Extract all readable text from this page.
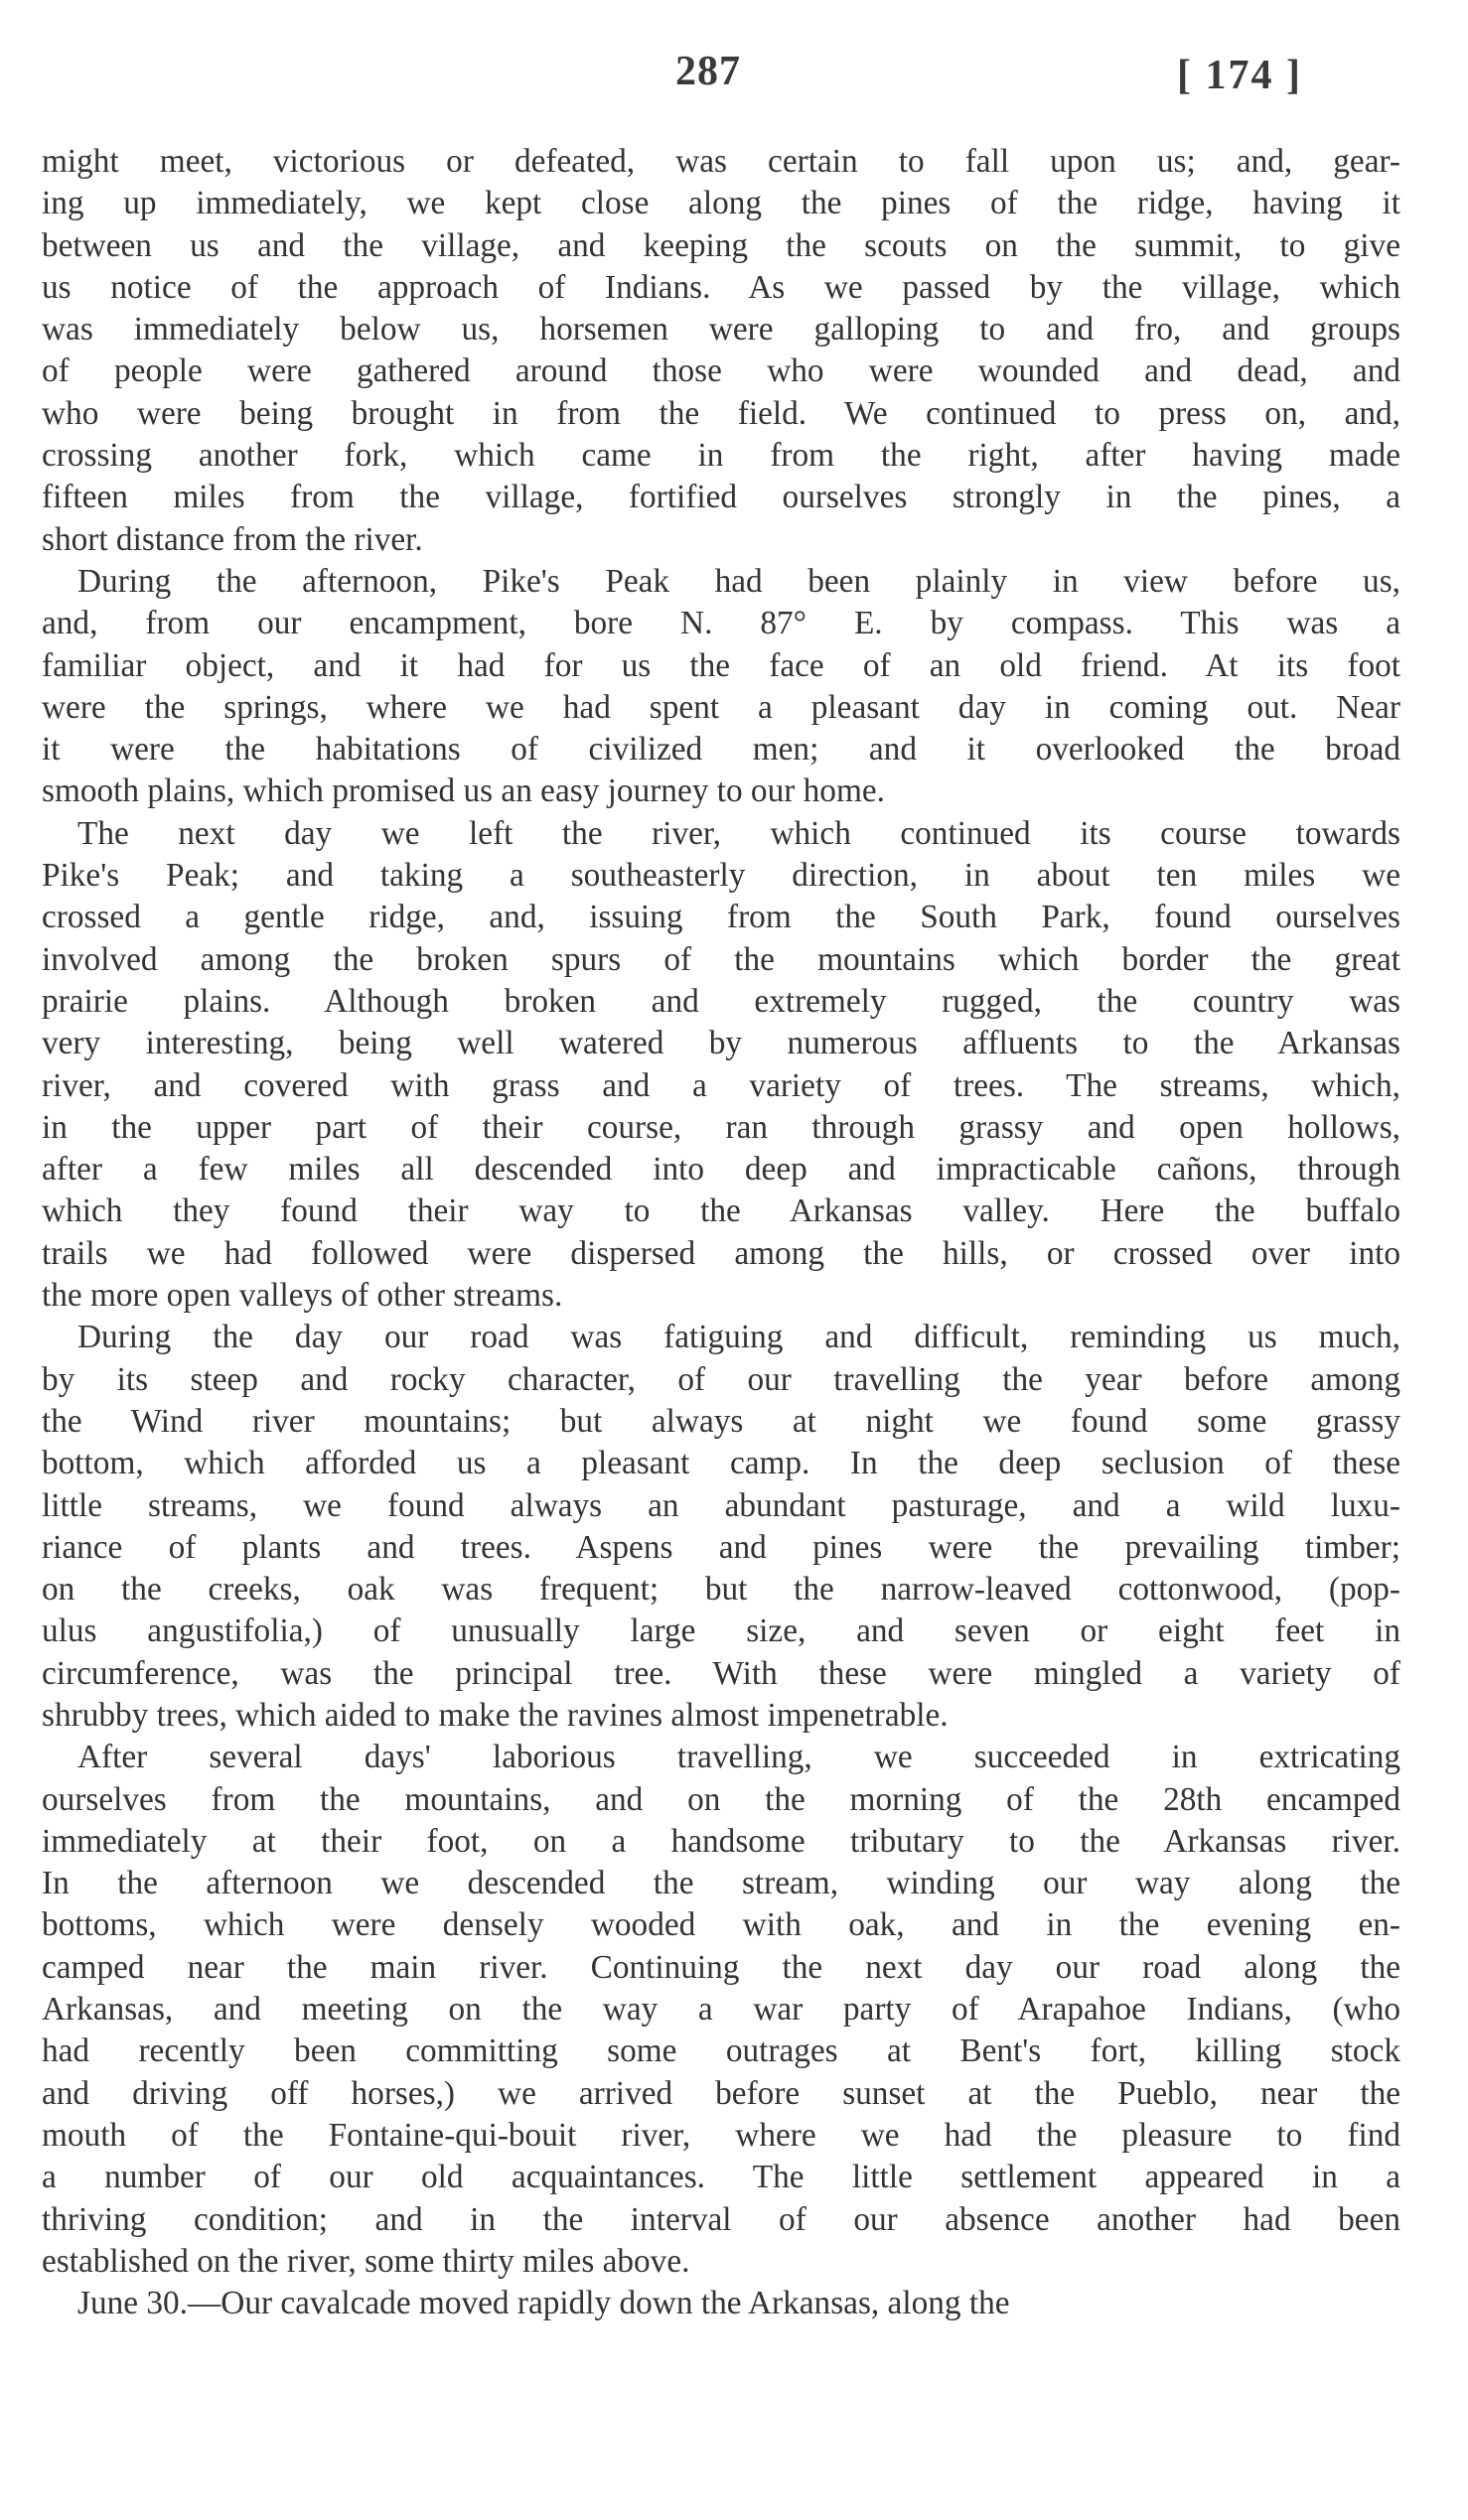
287	[ 174 ]
might meet, victorious or defeated, was certain to fall upon us; and, gear-
ing up immediately, we kept close along the pines of the ridge, having it
between us and the village, and keeping the scouts on the summit, to give
us notice of the approach of Indians. As we passed by the village, which
was immediately below us, horsemen were galloping to and fro, and groups
of people were gathered around those who were wounded and dead, and
who were being brought in from the field. We continued to press on, and,
crossing another fork, which came in from the right, after having made
fifteen miles from the village, fortified ourselves strongly in the pines, a
short distance from the river.
During the afternoon, Pike's Peak had been plainly in view before us,
and, from our encampment, bore N. 87° E. by compass. This was a
familiar object, and it had for us the face of an old friend. At its foot
were the springs, where we had spent a pleasant day in coming out. Near
it were the habitations of civilized men; and it overlooked the broad
smooth plains, which promised us an easy journey to our home.
The next day we left the river, which continued its course towards
Pike's Peak; and taking a southeasterly direction, in about ten miles we
crossed a gentle ridge, and, issuing from the South Park, found ourselves
involved among the broken spurs of the mountains which border the great
prairie plains. Although broken and extremely rugged, the country was
very interesting, being well watered by numerous affluents to the Arkansas
river, and covered with grass and a variety of trees. The streams, which,
in the upper part of their course, ran through grassy and open hollows,
after a few miles all descended into deep and impracticable cañons, through
which they found their way to the Arkansas valley. Here the buffalo
trails we had followed were dispersed among the hills, or crossed over into
the more open valleys of other streams.
During the day our road was fatiguing and difficult, reminding us much,
by its steep and rocky character, of our travelling the year before among
the Wind river mountains; but always at night we found some grassy
bottom, which afforded us a pleasant camp. In the deep seclusion of these
little streams, we found always an abundant pasturage, and a wild luxu-
riance of plants and trees. Aspens and pines were the prevailing timber;
on the creeks, oak was frequent; but the narrow-leaved cottonwood, (pop-
ulus angustifolia,) of unusually large size, and seven or eight feet in
circumference, was the principal tree. With these were mingled a variety of
shrubby trees, which aided to make the ravines almost impenetrable.
After several days' laborious travelling, we succeeded in extricating
ourselves from the mountains, and on the morning of the 28th encamped
immediately at their foot, on a handsome tributary to the Arkansas river.
In the afternoon we descended the stream, winding our way along the
bottoms, which were densely wooded with oak, and in the evening en-
camped near the main river. Continuing the next day our road along the
Arkansas, and meeting on the way a war party of Arapahoe Indians, (who
had recently been committing some outrages at Bent's fort, killing stock
and driving off horses,) we arrived before sunset at the Pueblo, near the
mouth of the Fontaine-qui-bouit river, where we had the pleasure to find
a number of our old acquaintances. The little settlement appeared in a
thriving condition; and in the interval of our absence another had been
established on the river, some thirty miles above.
June 30.—Our cavalcade moved rapidly down the Arkansas, along the
